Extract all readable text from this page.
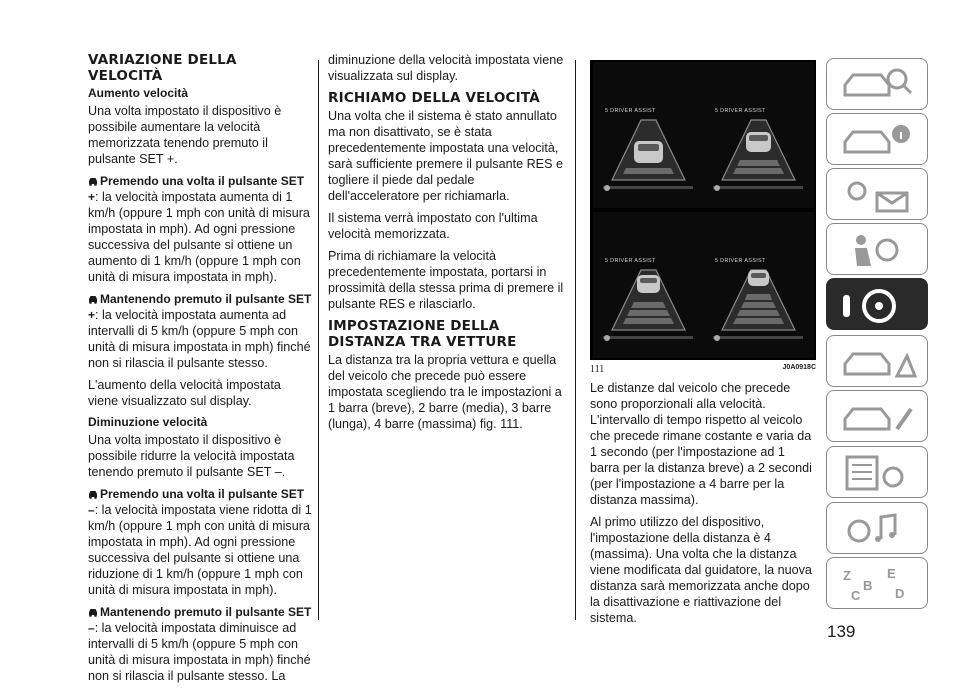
VARIAZIONE DELLA VELOCITÀ
Aumento velocità

Una volta impostato il dispositivo è possibile aumentare la velocità memorizzata tenendo premuto il pulsante SET +.

Premendo una volta il pulsante SET +: la velocità impostata aumenta di 1 km/h (oppure 1 mph con unità di misura impostata in mph). Ad ogni pressione successiva del pulsante si ottiene un aumento di 1 km/h (oppure 1 mph con unità di misura impostata in mph).

Mantenendo premuto il pulsante SET +: la velocità impostata aumenta ad intervalli di 5 km/h (oppure 5 mph con unità di misura impostata in mph) finché non si rilascia il pulsante stesso.

L'aumento della velocità impostata viene visualizzato sul display.

Diminuzione velocità

Una volta impostato il dispositivo è possibile ridurre la velocità impostata tenendo premuto il pulsante SET –.

Premendo una volta il pulsante SET –: la velocità impostata viene ridotta di 1 km/h (oppure 1 mph con unità di misura impostata in mph). Ad ogni pressione successiva del pulsante si ottiene una riduzione di 1 km/h (oppure 1 mph con unità di misura impostata in mph).

Mantenendo premuto il pulsante SET –: la velocità impostata diminuisce ad intervalli di 5 km/h (oppure 5 mph con unità di misura impostata in mph) finché non si rilascia il pulsante stesso. La

diminuzione della velocità impostata viene visualizzata sul display.

RICHIAMO DELLA VELOCITÀ

Una volta che il sistema è stato annullato ma non disattivato, se è stata precedentemente impostata una velocità, sarà sufficiente premere il pulsante RES e togliere il piede dal pedale dell'acceleratore per richiamarla.

Il sistema verrà impostato con l'ultima velocità memorizzata.

Prima di richiamare la velocità precedentemente impostata, portarsi in prossimità della stessa prima di premere il pulsante RES e rilasciarlo.

IMPOSTAZIONE DELLA DISTANZA TRA VETTURE

La distanza tra la propria vettura e quella del veicolo che precede può essere impostata scegliendo tra le impostazioni a 1 barra (breve), 2 barre (media), 3 barre (lunga), 4 barre (massima) fig. 111.

5 DRIVER ASSIST	5 DRIVER ASSIST
5 DRIVER ASSIST	5 DRIVER ASSIST
111	J0A0918C

Le distanze dal veicolo che precede sono proporzionali alla velocità. L'intervallo di tempo rispetto al veicolo che precede rimane costante e varia da 1 secondo (per l'impostazione ad 1 barra per la distanza breve) a 2 secondi (per l'impostazione a 4 barre per la distanza massima).

Al primo utilizzo del dispositivo, l'impostazione della distanza è 4 (massima). Una volta che la distanza viene modificata dal guidatore, la nuova distanza sarà memorizzata anche dopo la disattivazione e riattivazione del sistema.

Z	E
B
D
C
139
